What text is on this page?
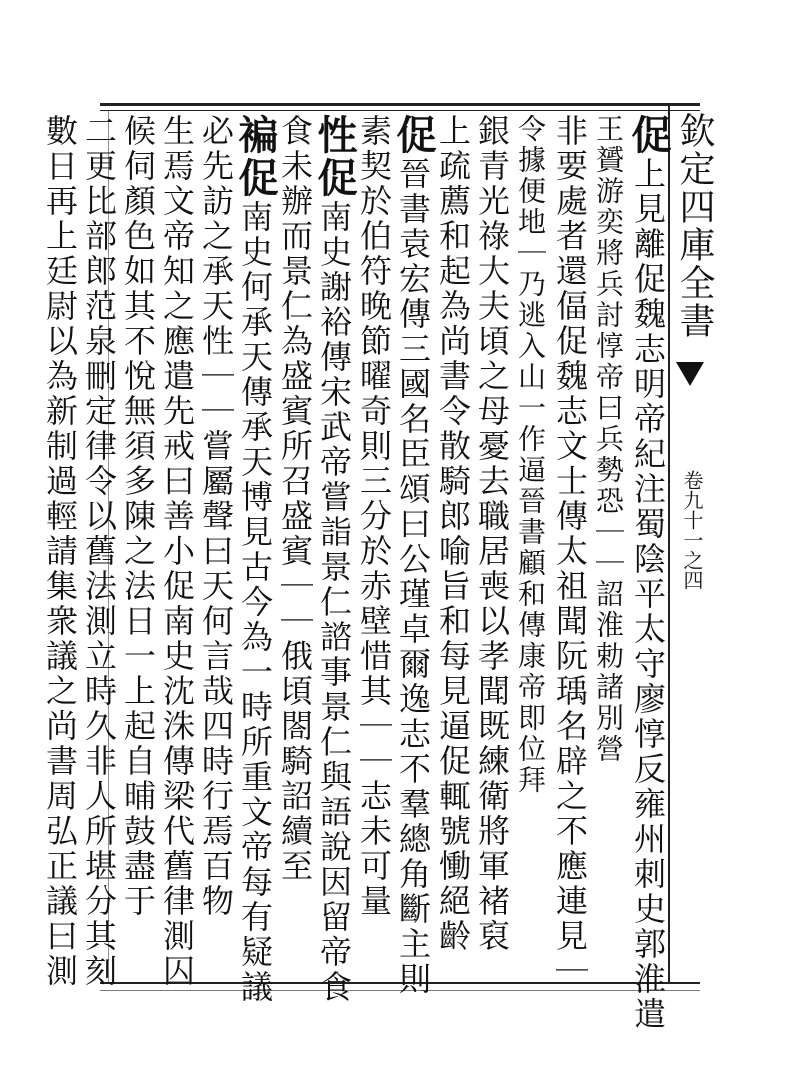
欽定四庫全書
卷九十一之四
促上見離促魏志明帝紀注蜀陰平太守廖惇反雍州刺史郭淮遣
王贇游奕將兵討惇帝曰兵勢恐｜｜詔淮勅諸別營
非要處者還偪促魏志文士傳太祖聞阮瑀名辟之不應連見｜
令據便地｜乃逃入山一作逼晉書顧和傳康帝即位拜
銀青光祿大夫頃之母憂去職居喪以孝聞既練衛將軍褚裒
上疏薦和起為尚書令散騎郎喻旨和每見逼促輒號慟絕齡
促晉書袁宏傳三國名臣頌曰公瑾卓爾逸志不羣總角斷主則
素契於伯符晚節曜奇則三分於赤壁惜其｜｜志未可量
性促南史謝裕傳宋武帝嘗詣景仁諮事景仁與語說因留帝食
食未辦而景仁為盛賓所召盛賓｜｜俄頃閤騎詔續至
褊促南史何承天傳承天博見古今為一時所重文帝每有疑議
必先訪之承天性｜｜嘗屬聲曰天何言哉四時行焉百物
生焉文帝知之應遣先戒曰善小促南史沈洙傳梁代舊律測囚
候伺顏色如其不悅無須多陳之法日一上起自晡鼓盡于
二更比部郎范泉刪定律令以舊法測立時久非人所堪分其刻
數日再上廷尉以為新制過輕請集衆議之尚書周弘正議曰測
